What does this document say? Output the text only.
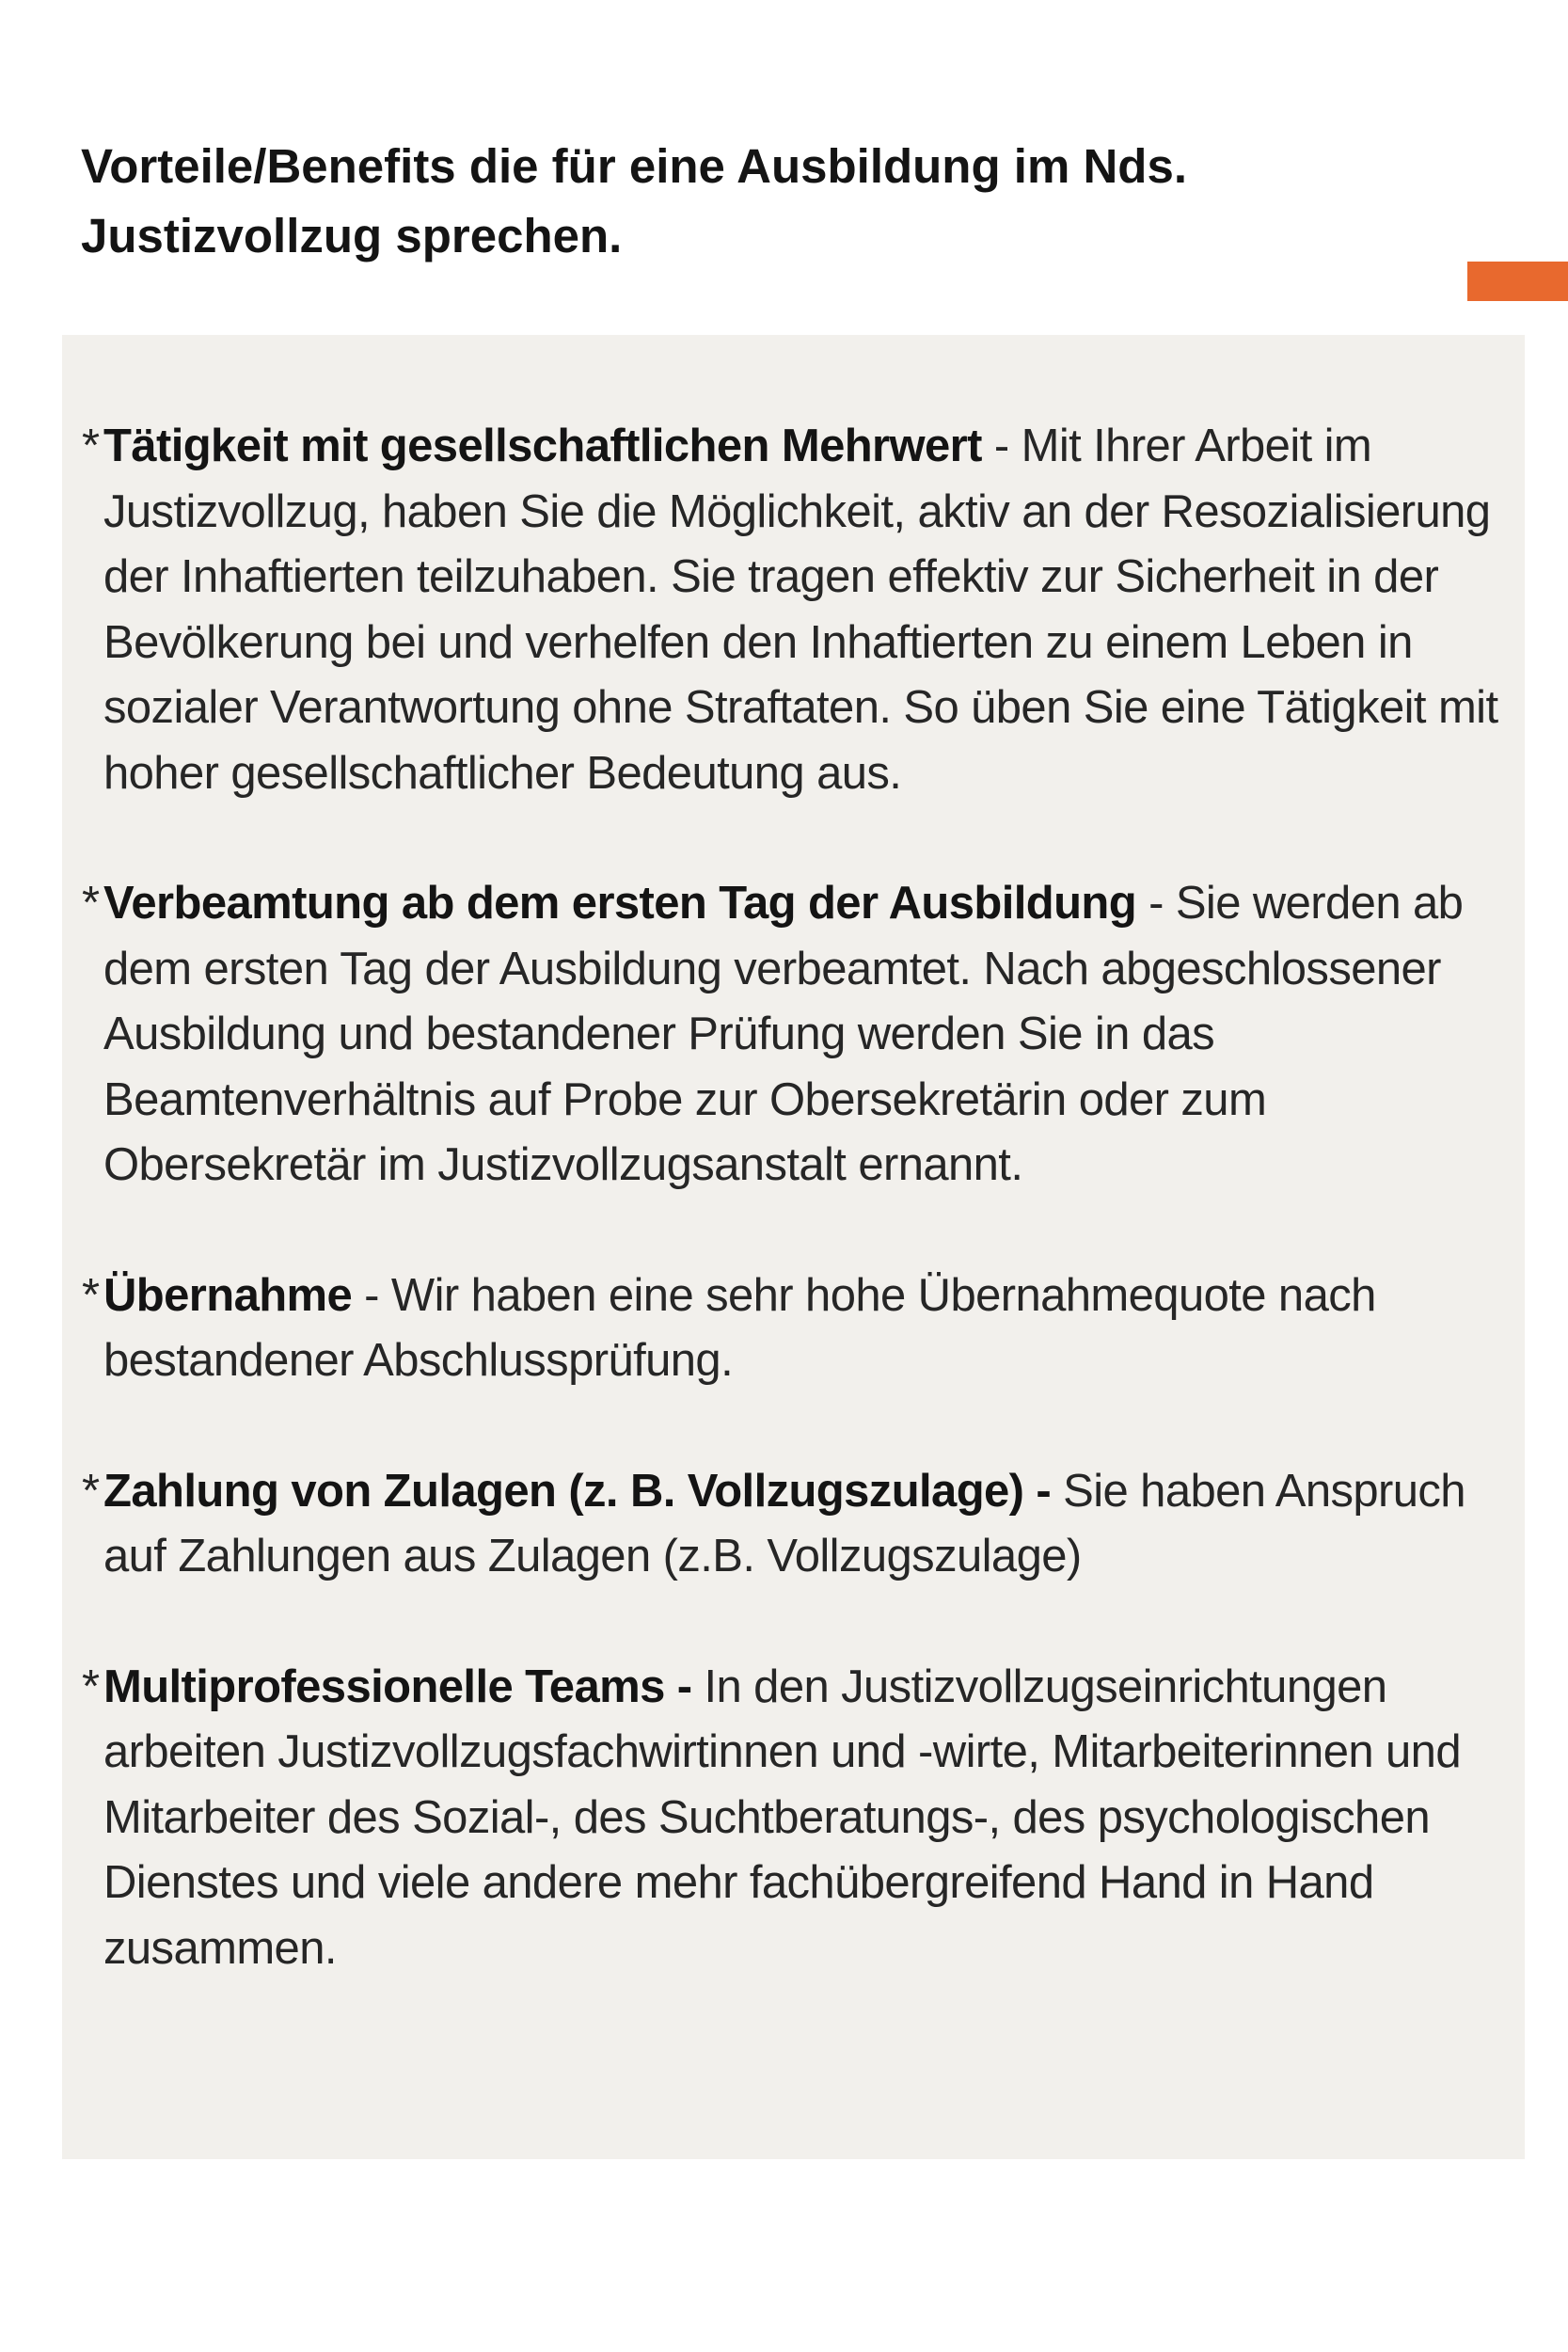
Vorteile/Benefits die für eine Ausbildung im Nds. Justizvollzug sprechen.
* Tätigkeit mit gesellschaftlichen Mehrwert - Mit Ihrer Arbeit im Justizvollzug, haben Sie die Möglichkeit, aktiv an der Resozialisierung der Inhaftierten teilzuhaben. Sie tragen effektiv zur Sicherheit in der Bevölkerung bei und verhelfen den Inhaftierten zu einem Leben in sozialer Verantwortung ohne Straftaten. So üben Sie eine Tätigkeit mit hoher gesellschaftlicher Bedeutung aus.
* Verbeamtung ab dem ersten Tag der Ausbildung - Sie werden ab dem ersten Tag der Ausbildung verbeamtet. Nach abgeschlossener Ausbildung und bestandener Prüfung werden Sie in das Beamtenverhältnis auf Probe zur Obersekretärin oder zum Obersekretär im Justizvollzugsanstalt ernannt.
* Übernahme - Wir haben eine sehr hohe Übernahmequote nach bestandener Abschlussprüfung.
* Zahlung von Zulagen (z. B. Vollzugszulage) - Sie haben Anspruch auf Zahlungen aus Zulagen (z.B. Vollzugszulage)
* Multiprofessionelle Teams - In den Justizvollzugseinrichtungen arbeiten Justizvollzugsfachwirtinnen und -wirte, Mitarbeiterinnen und Mitarbeiter des Sozial-, des Suchtberatungs-, des psychologischen Dienstes und viele andere mehr fachübergreifend Hand in Hand zusammen.
